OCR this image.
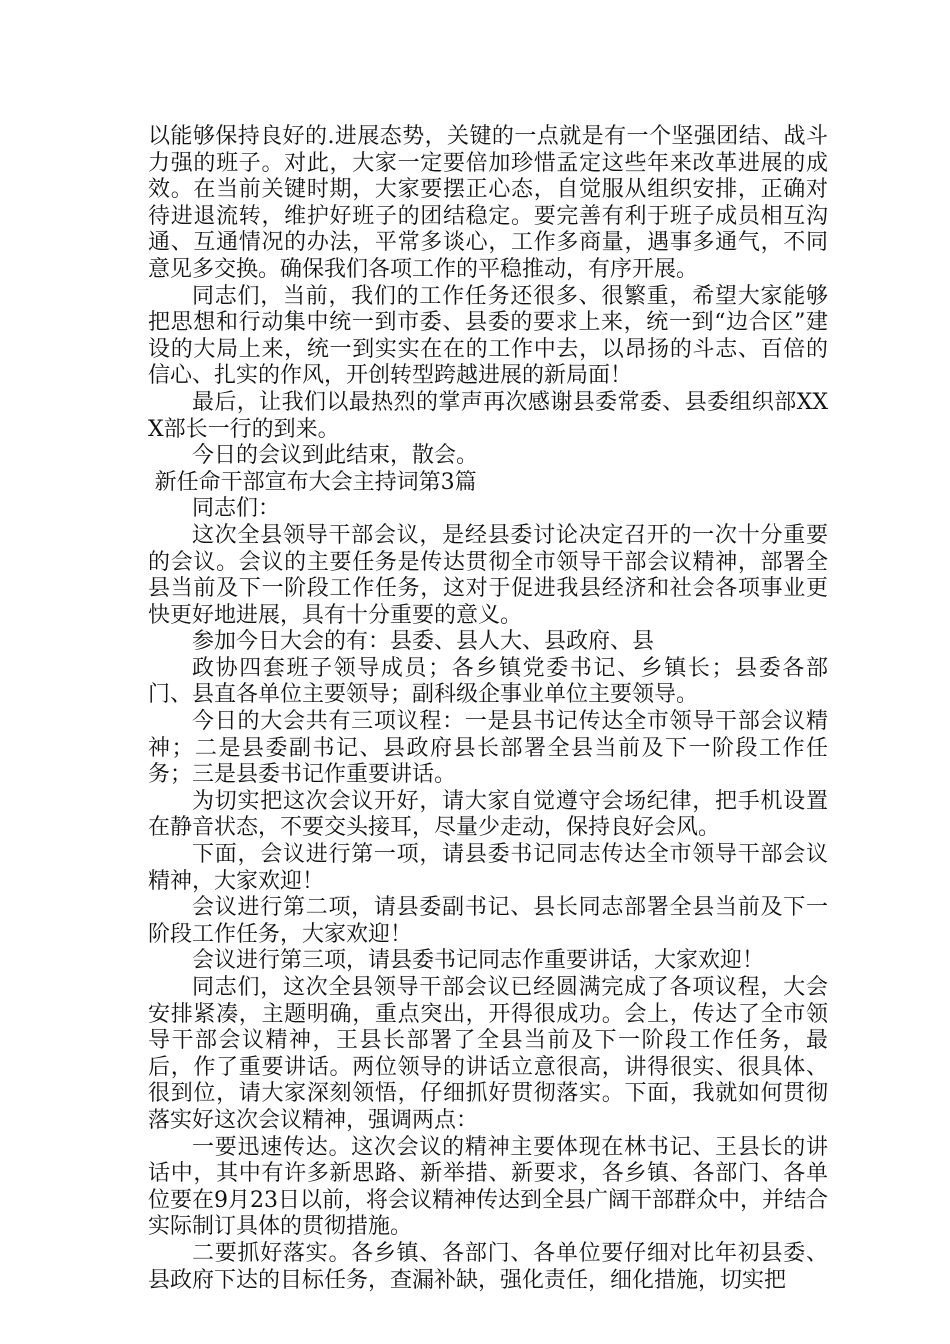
以能够保持良好的.进展态势，关键的一点就是有一个坚强团结、战斗力强的班子。对此，大家一定要倍加珍惜孟定这些年来改革进展的成效。在当前关键时期，大家要摆正心态，自觉服从组织安排，正确对待进退流转，维护好班子的团结稳定。要完善有利于班子成员相互沟通、互通情况的办法，平常多谈心，工作多商量，遇事多通气，不同意见多交换。确保我们各项工作的平稳推动，有序开展。

同志们，当前，我们的工作任务还很多、很繁重，希望大家能够把思想和行动集中统一到市委、县委的要求上来，统一到“边合区”建设的大局上来，统一到实实在在的工作中去，以昂扬的斗志、百倍的信心、扎实的作风，开创转型跨越进展的新局面！

最后，让我们以最热烈的掌声再次感谢县委常委、县委组织部XXX部长一行的到来。

今日的会议到此结束，散会。

新任命干部宣布大会主持词第3篇

同志们：

这次全县领导干部会议，是经县委讨论决定召开的一次十分重要的会议。会议的主要任务是传达贯彻全市领导干部会议精神，部署全县当前及下一阶段工作任务，这对于促进我县经济和社会各项事业更快更好地进展，具有十分重要的意义。

参加今日大会的有：县委、县人大、县政府、县

政协四套班子领导成员；各乡镇党委书记、乡镇长；县委各部门、县直各单位主要领导；副科级企事业单位主要领导。

今日的大会共有三项议程：一是县书记传达全市领导干部会议精神；二是县委副书记、县政府县长部署全县当前及下一阶段工作任务；三是县委书记作重要讲话。

为切实把这次会议开好，请大家自觉遵守会场纪律，把手机设置在静音状态，不要交头接耳，尽量少走动，保持良好会风。

下面，会议进行第一项，请县委书记同志传达全市领导干部会议精神，大家欢迎！

会议进行第二项，请县委副书记、县长同志部署全县当前及下一阶段工作任务，大家欢迎！

会议进行第三项，请县委书记同志作重要讲话，大家欢迎！

同志们，这次全县领导干部会议已经圆满完成了各项议程，大会安排紧凑，主题明确，重点突出，开得很成功。会上，传达了全市领导干部会议精神，王县长部署了全县当前及下一阶段工作任务，最后，作了重要讲话。两位领导的讲话立意很高，讲得很实、很具体、很到位，请大家深刻领悟，仔细抓好贯彻落实。下面，我就如何贯彻落实好这次会议精神，强调两点：

一要迅速传达。这次会议的精神主要体现在林书记、王县长的讲话中，其中有许多新思路、新举措、新要求，各乡镇、各部门、各单位要在9月23日以前，将会议精神传达到全县广阔干部群众中，并结合实际制订具体的贯彻措施。

二要抓好落实。各乡镇、各部门、各单位要仔细对比年初县委、县政府下达的目标任务，查漏补缺，强化责任，细化措施，切实把
